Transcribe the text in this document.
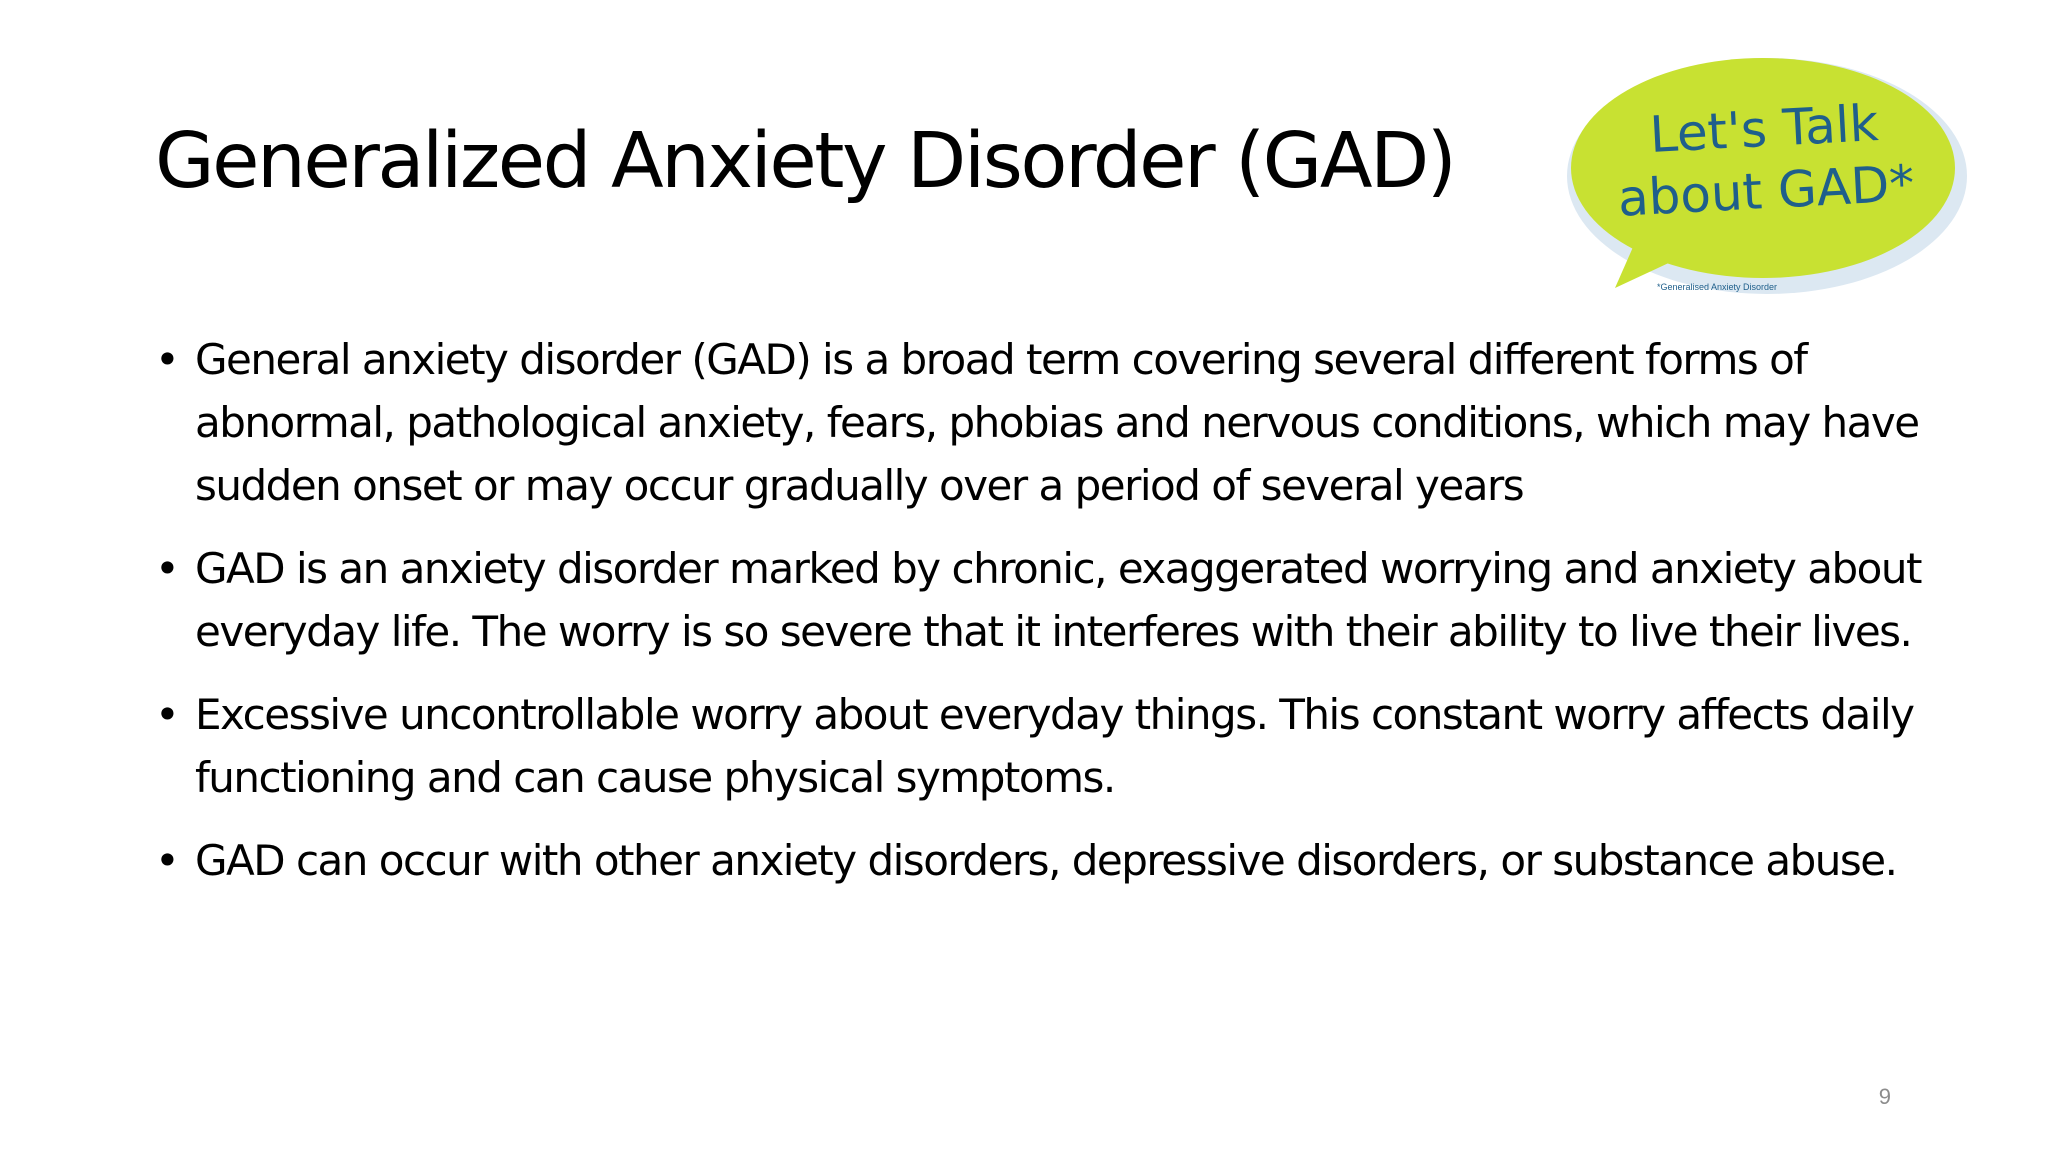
Generalized Anxiety Disorder (GAD)	Let's Talk
about GAD*
*Generalised Anxiety Disorder
• General anxiety disorder (GAD) is a broad term covering several different forms of abnormal, pathological anxiety, fears, phobias and nervous conditions, which may have sudden onset or may occur gradually over a period of several years
• GAD is an anxiety disorder marked by chronic, exaggerated worrying and anxiety about everyday life. The worry is so severe that it interferes with their ability to live their lives.
• Excessive uncontrollable worry about everyday things. This constant worry affects daily functioning and can cause physical symptoms.
• GAD can occur with other anxiety disorders, depressive disorders, or substance abuse.
9
